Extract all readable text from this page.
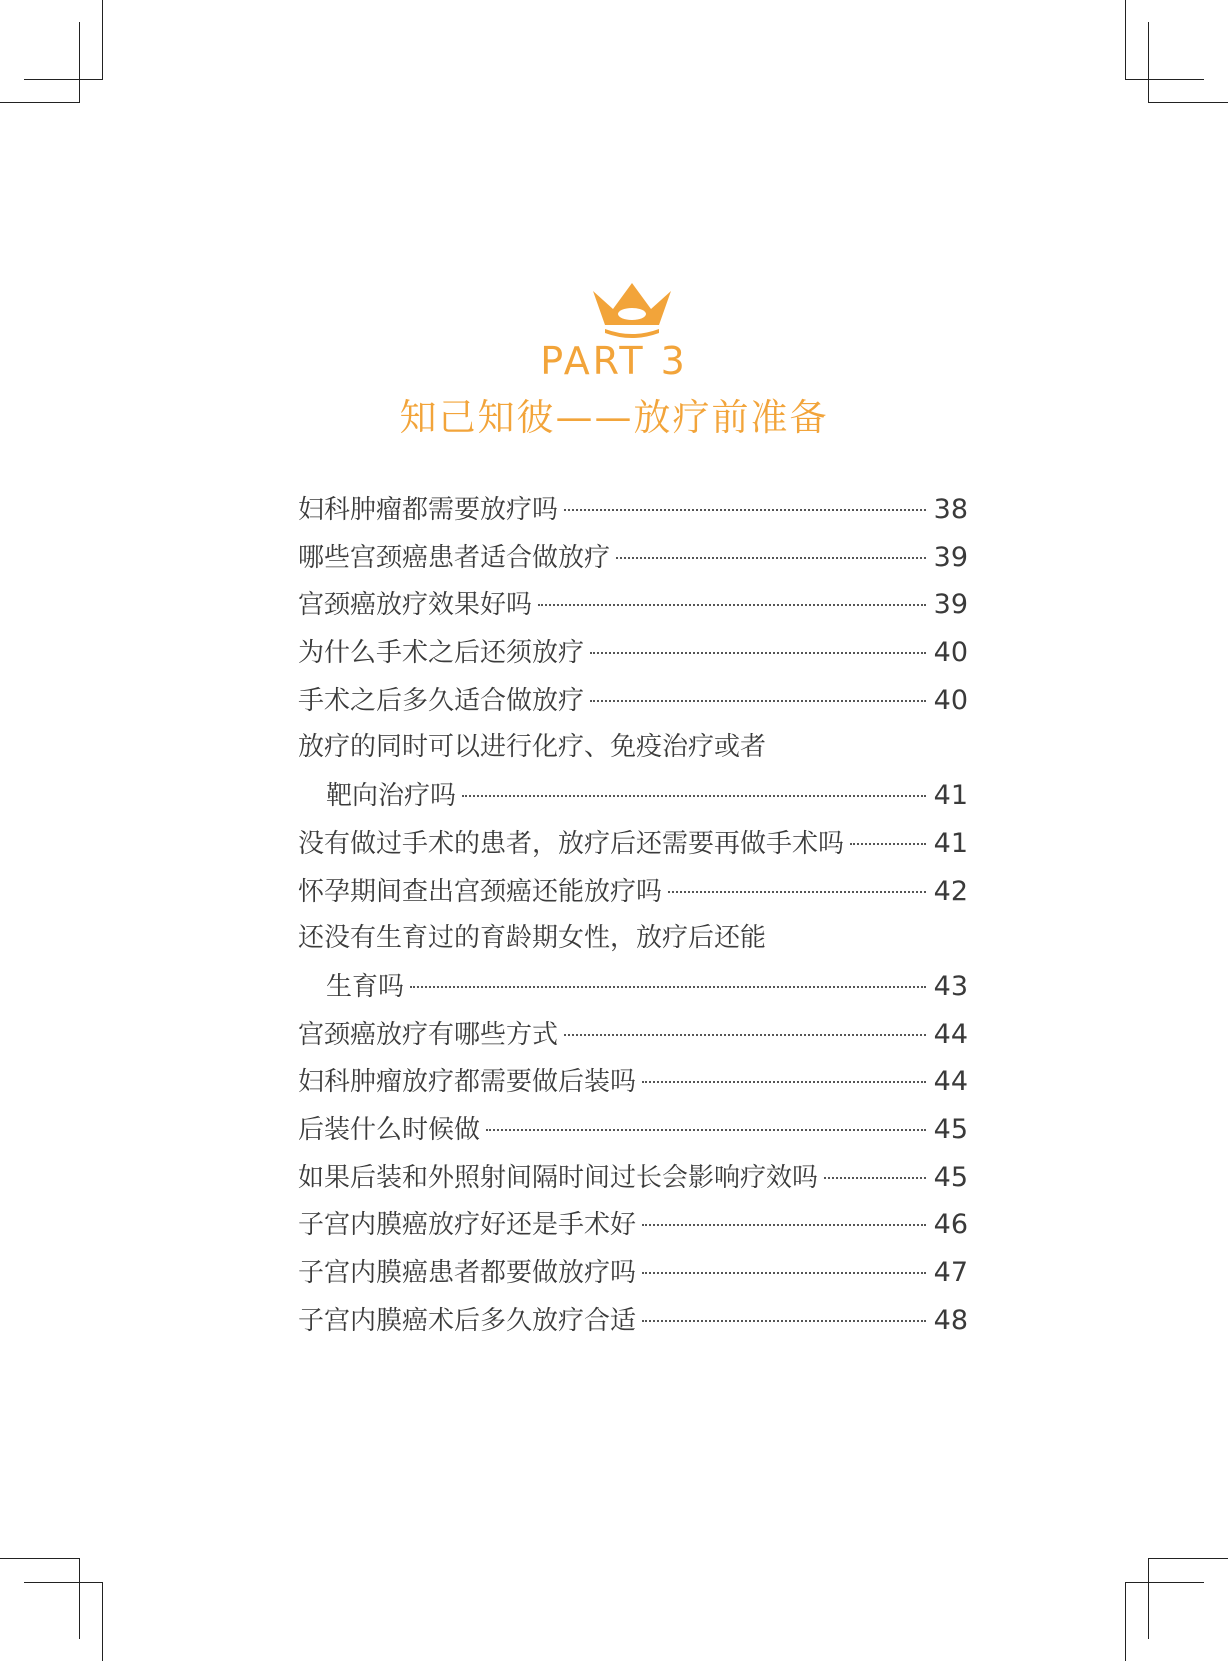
PART 3
知己知彼——放疗前准备
妇科肿瘤都需要放疗吗	38
哪些宫颈癌患者适合做放疗	39
宫颈癌放疗效果好吗	39
为什么手术之后还须放疗	40
手术之后多久适合做放疗	40
放疗的同时可以进行化疗、免疫治疗或者
靶向治疗吗	41
没有做过手术的患者，放疗后还需要再做手术吗	41
怀孕期间查出宫颈癌还能放疗吗	42
还没有生育过的育龄期女性，放疗后还能
生育吗	43
宫颈癌放疗有哪些方式	44
妇科肿瘤放疗都需要做后装吗	44
后装什么时候做	45
如果后装和外照射间隔时间过长会影响疗效吗	45
子宫内膜癌放疗好还是手术好	46
子宫内膜癌患者都要做放疗吗	47
子宫内膜癌术后多久放疗合适	48
